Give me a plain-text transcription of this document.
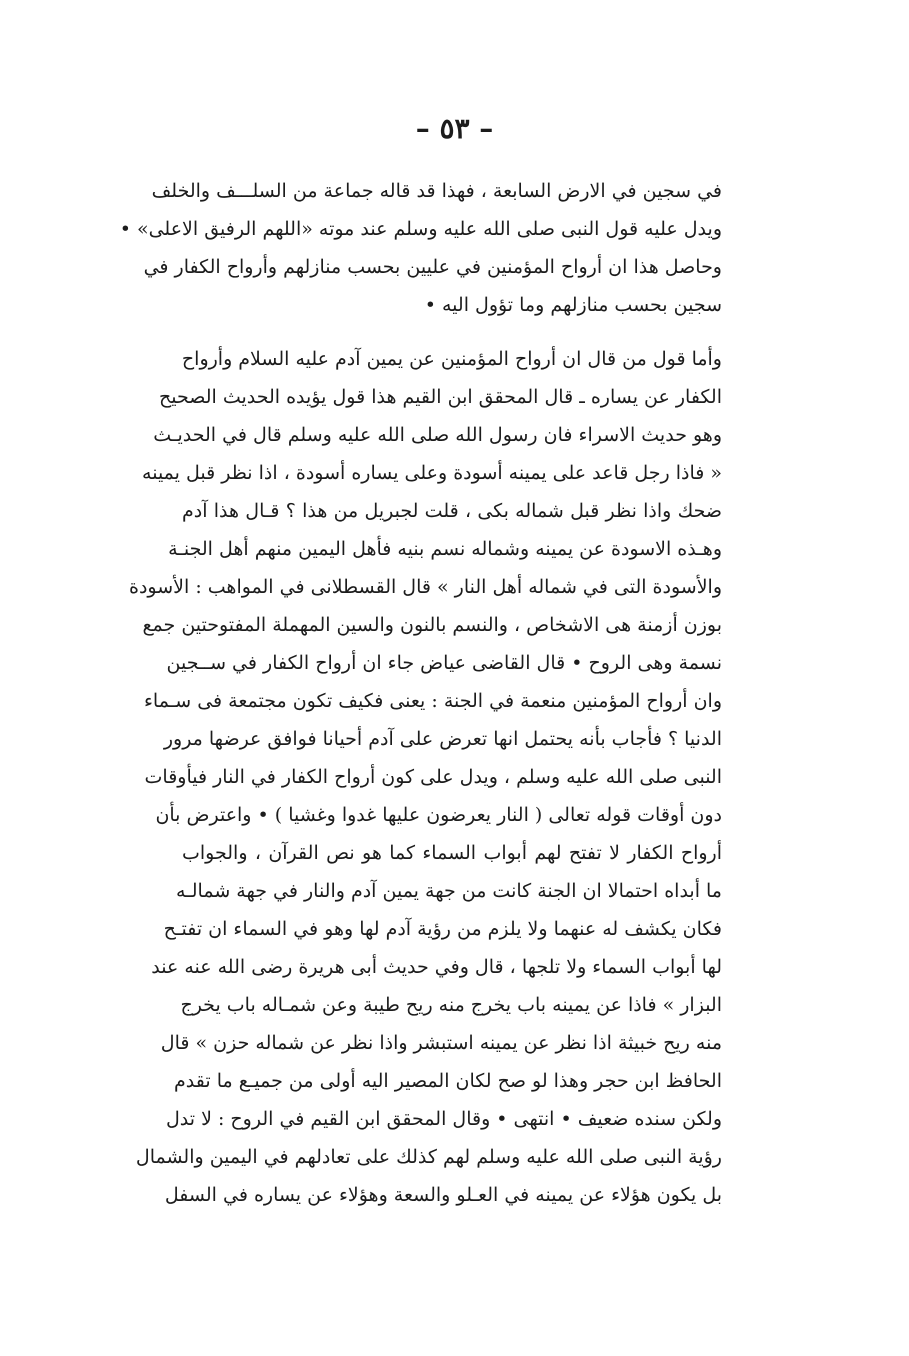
– ٥٣ –
في سجين في الارض السابعة ، فهذا قد قاله جماعة من السلـــف والخلف
ويدل عليه قول النبى صلى الله عليه وسلم عند موته «اللهم الرفيق الاعلى» •
وحاصل هذا ان أرواح المؤمنين في عليين بحسب منازلهم وأرواح الكفار في
سجين بحسب منازلهم وما تؤول اليه •
وأما قول من قال ان أرواح المؤمنين عن يمين آدم عليه السلام وأرواح
الكفار عن يساره ـ قال المحقق ابن القيم هذا قول يؤيده الحديث الصحيح
وهو حديث الاسراء فان رسول الله صلى الله عليه وسلم قال في الحديـث
« فاذا رجل قاعد على يمينه أسودة وعلى يساره أسودة ، اذا نظر قبل يمينه
ضحك واذا نظر قبل شماله بكى ، قلت لجبريل من هذا ؟ قـال هذا آدم
وهـذه الاسودة عن يمينه وشماله نسم بنيه فأهل اليمين منهم أهل الجنـة
والأسودة التى في شماله أهل النار » قال القسطلانى في المواهب : الأسودة
بوزن أزمنة هى الاشخاص ، والنسم بالنون والسين المهملة المفتوحتين جمع
نسمة وهى الروح • قال القاضى عياض جاء ان أرواح الكفار في ســجين
وان أرواح المؤمنين منعمة في الجنة : يعنى فكيف تكون مجتمعة فى سـماء
الدنيا ؟ فأجاب بأنه يحتمل انها تعرض على آدم أحيانا فوافق عرضها مرور
النبى صلى الله عليه وسلم ، ويدل على كون أرواح الكفار في النار فيأوقات
دون أوقات قوله تعالى ( النار يعرضون عليها غدوا وغشيا ) • واعترض بأن
أرواح الكفار لا تفتح لهم أبواب السماء كما هو نص القرآن ، والجواب
ما أبداه احتمالا ان الجنة كانت من جهة يمين آدم والنار في جهة شمالـه
فكان يكشف له عنهما ولا يلزم من رؤية آدم لها وهو في السماء ان تفتـح
لها أبواب السماء ولا تلجها ، قال وفي حديث أبى هريرة رضى الله عنه عند
البزار » فاذا عن يمينه باب يخرج منه ريح طيبة وعن شمـاله باب يخرج
منه ريح خبيثة اذا نظر عن يمينه استبشر واذا نظر عن شماله حزن » قال
الحافظ ابن حجر وهذا لو صح لكان المصير اليه أولى من جميـع ما تقدم
ولكن سنده ضعيف • انتهى • وقال المحقق ابن القيم في الروح : لا تدل
رؤية النبى صلى الله عليه وسلم لهم كذلك على تعادلهم في اليمين والشمال
بل يكون هؤلاء عن يمينه في العـلو والسعة وهؤلاء عن يساره في السفل
